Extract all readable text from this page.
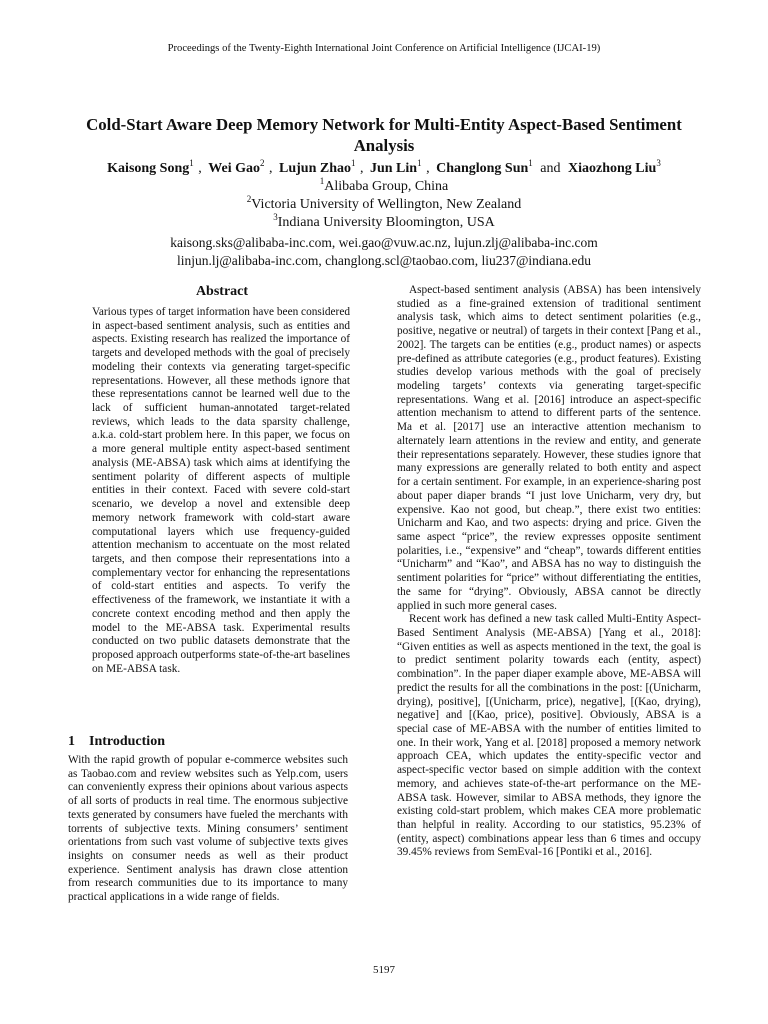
Proceedings of the Twenty-Eighth International Joint Conference on Artificial Intelligence (IJCAI-19)
Cold-Start Aware Deep Memory Network for Multi-Entity Aspect-Based Sentiment Analysis
Kaisong Song$^1$ , Wei Gao$^2$ , Lujun Zhao$^1$ , Jun Lin$^1$ , Changlong Sun$^1$ and Xiaozhong Liu$^3$
$^1$Alibaba Group, China
$^2$Victoria University of Wellington, New Zealand
$^3$Indiana University Bloomington, USA
kaisong.sks@alibaba-inc.com, wei.gao@vuw.ac.nz, lujun.zlj@alibaba-inc.com
linjun.lj@alibaba-inc.com, changlong.scl@taobao.com, liu237@indiana.edu
Abstract
Various types of target information have been considered in aspect-based sentiment analysis, such as entities and aspects. Existing research has realized the importance of targets and developed methods with the goal of precisely modeling their contexts via generating target-specific representations. However, all these methods ignore that these representations cannot be learned well due to the lack of sufficient human-annotated target-related reviews, which leads to the data sparsity challenge, a.k.a. cold-start problem here. In this paper, we focus on a more general multiple entity aspect-based sentiment analysis (ME-ABSA) task which aims at identifying the sentiment polarity of different aspects of multiple entities in their context. Faced with severe cold-start scenario, we develop a novel and extensible deep memory network framework with cold-start aware computational layers which use frequency-guided attention mechanism to accentuate on the most related targets, and then compose their representations into a complementary vector for enhancing the representations of cold-start entities and aspects. To verify the effectiveness of the framework, we instantiate it with a concrete context encoding method and then apply the model to the ME-ABSA task. Experimental results conducted on two public datasets demonstrate that the proposed approach outperforms state-of-the-art baselines on ME-ABSA task.
1 Introduction
With the rapid growth of popular e-commerce websites such as Taobao.com and review websites such as Yelp.com, users can conveniently express their opinions about various aspects of all sorts of products in real time. The enormous subjective texts generated by consumers have fueled the merchants with torrents of subjective texts. Mining consumers’ sentiment orientations from such vast volume of subjective texts gives insights on consumer needs as well as their product experience. Sentiment analysis has drawn close attention from research communities due to its importance to many practical applications in a wide range of fields.

Aspect-based sentiment analysis (ABSA) has been intensively studied as a fine-grained extension of traditional sentiment analysis task, which aims to detect sentiment polarities (e.g., positive, negative or neutral) of targets in their context [Pang et al., 2002]. The targets can be entities (e.g., product names) or aspects pre-defined as attribute categories (e.g., product features). Existing studies develop various methods with the goal of precisely modeling targets’ contexts via generating target-specific representations. Wang et al. [2016] introduce an aspect-specific attention mechanism to attend to different parts of the sentence. Ma et al. [2017] use an interactive attention mechanism to alternately learn attentions in the review and entity, and generate their representations separately. However, these studies ignore that many expressions are generally related to both entity and aspect for a certain sentiment. For example, in an experience-sharing post about paper diaper brands “I just love Unicharm, very dry, but expensive. Kao not good, but cheap.”, there exist two entities: Unicharm and Kao, and two aspects: drying and price. Given the same aspect “price”, the review expresses opposite sentiment polarities, i.e., “expensive” and “cheap”, towards different entities “Unicharm” and “Kao”, and ABSA has no way to distinguish the sentiment polarities for “price” without differentiating the entities, the same for “drying”. Obviously, ABSA cannot be directly applied in such more general cases.

Recent work has defined a new task called Multi-Entity Aspect-Based Sentiment Analysis (ME-ABSA) [Yang et al., 2018]: “Given entities as well as aspects mentioned in the text, the goal is to predict sentiment polarity towards each (entity, aspect) combination”. In the paper diaper example above, ME-ABSA will predict the results for all the combinations in the post: [(Unicharm, drying), positive], [(Unicharm, price), negative], [(Kao, drying), negative] and [(Kao, price), positive]. Obviously, ABSA is a special case of ME-ABSA with the number of entities limited to one. In their work, Yang et al. [2018] proposed a memory network approach CEA, which updates the entity-specific vector and aspect-specific vector based on simple addition with the context memory, and achieves state-of-the-art performance on the ME-ABSA task. However, similar to ABSA methods, they ignore the existing cold-start problem, which makes CEA more problematic than helpful in reality. According to our statistics, 95.23% of (entity, aspect) combinations appear less than 6 times and occupy 39.45% reviews from SemEval-16 [Pontiki et al., 2016].

5197
